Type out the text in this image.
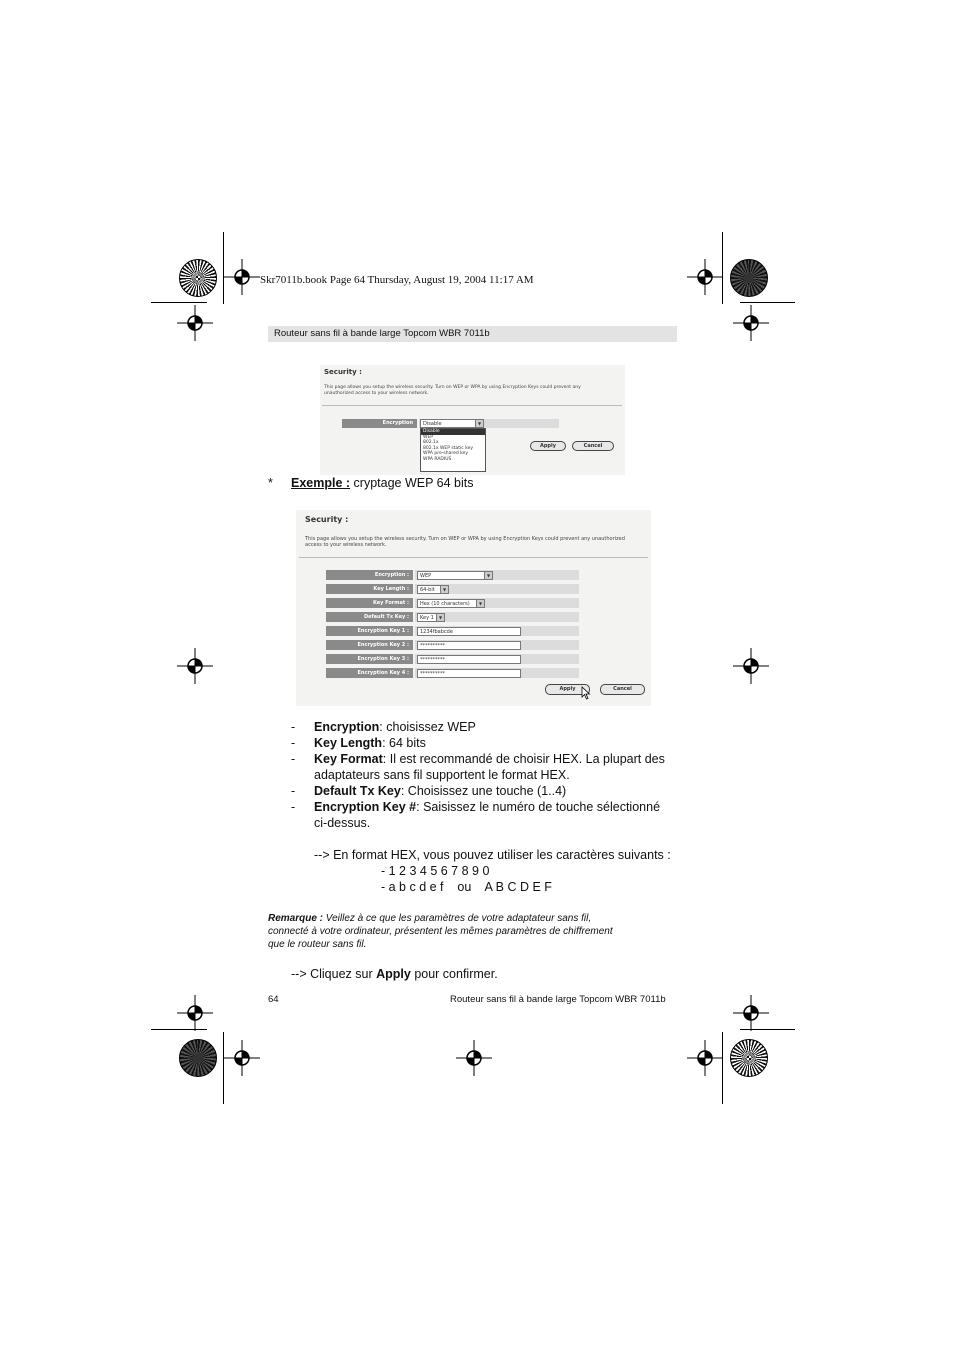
Skr7011b.book Page 64 Thursday, August 19, 2004 11:17 AM
Routeur sans fil à bande large Topcom WBR 7011b
Security :
This page allows you setup the wireless security. Turn on WEP or WPA by using Encryption Keys could prevent any unauthorized access to your wireless network.
Encryption	Disable	▼
Disable
WEP
802.1x
802.1x WEP static key
WPA pre-shared key
WPA RADIUS
Apply	Cancel
* Exemple : cryptage WEP 64 bits
Security :
This page allows you setup the wireless security. Turn on WEP or WPA by using Encryption Keys could prevent any unauthorized access to your wireless network.
Encryption :	WEP	▼
Key Length :	64-bit	▼
Key Format :	Hex (10 characters)	▼
Default Tx Key :	Key 1	▼
Encryption Key 1 :	1234fbabcde
Encryption Key 2 :	**********
Encryption Key 3 :	**********
Encryption Key 4 :	**********
Apply	Cancel
- Encryption: choisissez WEP
- Key Length: 64 bits
- Key Format: Il est recommandé de choisir HEX. La plupart des
adaptateurs sans fil supportent le format HEX.
- Default Tx Key: Choisissez une touche (1..4)
- Encryption Key #: Saisissez le numéro de touche sélectionné
ci-dessus.
--> En format HEX, vous pouvez utiliser les caractères suivants :
- 1 2 3 4 5 6 7 8 9 0
- a b c d e f    ou    A B C D E F
Remarque : Veillez à ce que les paramètres de votre adaptateur sans fil,
connecté à votre ordinateur, présentent les mêmes paramètres de chiffrement
que le routeur sans fil.
--> Cliquez sur Apply pour confirmer.
64	Routeur sans fil à bande large Topcom WBR 7011b
